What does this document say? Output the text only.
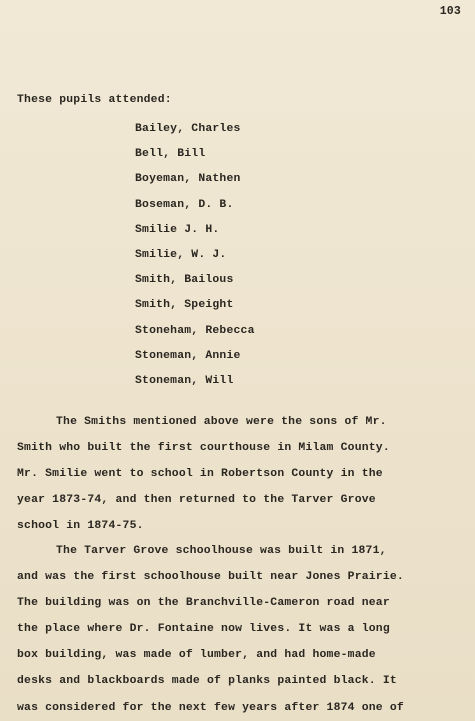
103
These pupils attended:
Bailey, Charles
Bell, Bill
Boyeman, Nathen
Boseman, D. B.
Smilie J. H.
Smilie, W. J.
Smith, Bailous
Smith, Speight
Stoneham, Rebecca
Stoneman, Annie
Stoneman, Will

The Smiths mentioned above were the sons of Mr.
Smith who built the first courthouse in Milam County.
Mr. Smilie went to school in Robertson County in the
year 1873-74, and then returned to the Tarver Grove
school in 1874-75.

The Tarver Grove schoolhouse was built in 1871,
and was the first schoolhouse built near Jones Prairie.
The building was on the Branchville-Cameron road near
the place where Dr. Fontaine now lives. It was a long
box building, was made of lumber, and had home-made
desks and blackboards made of planks painted black. It
was considered for the next few years after 1874 one of
